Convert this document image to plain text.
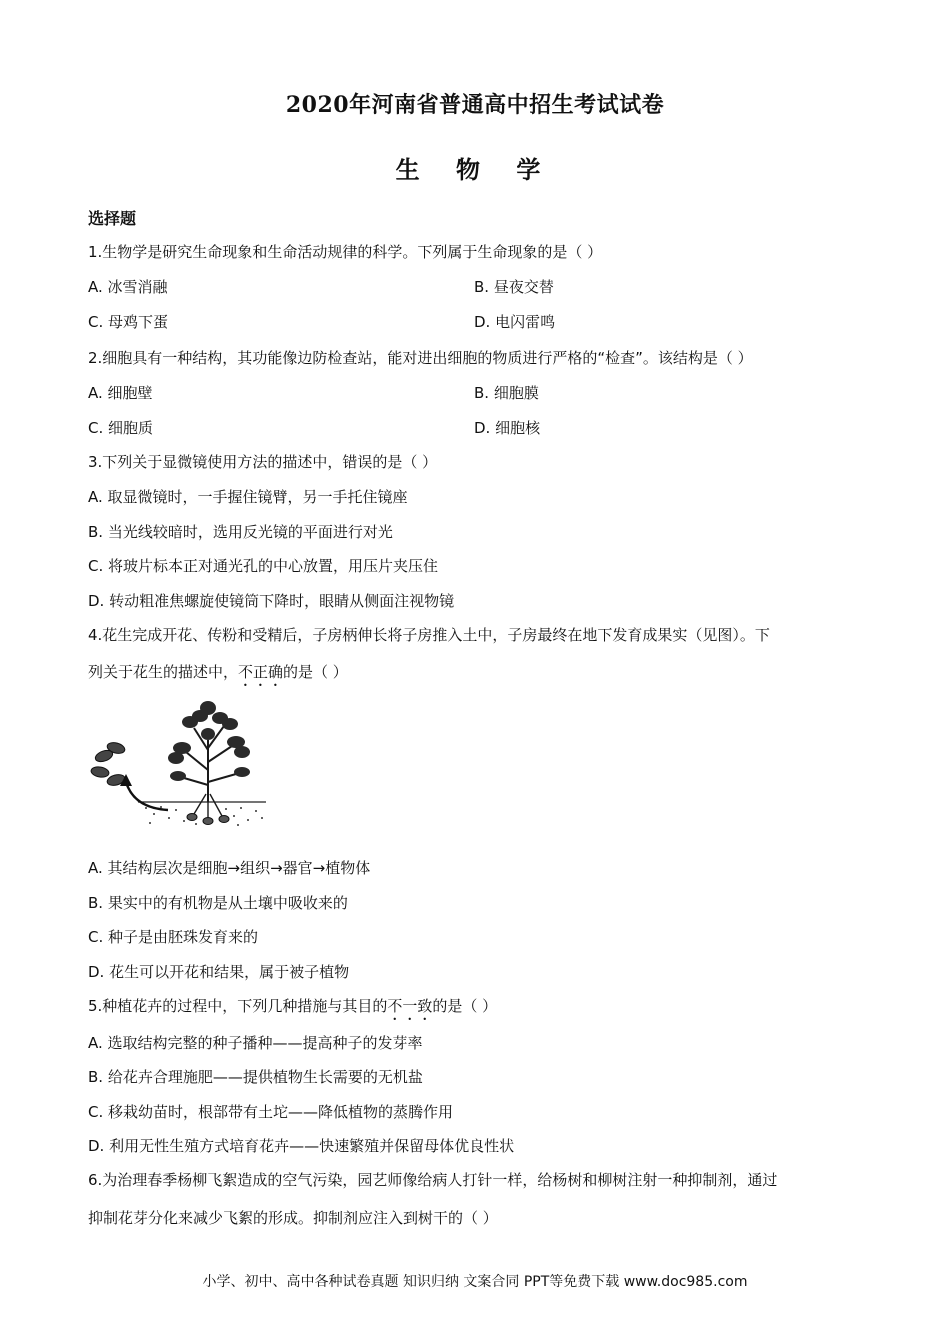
2020年河南省普通高中招生考试试卷
生 物 学
选择题
1.生物学是研究生命现象和生命活动规律的科学。下列属于生命现象的是（ ）
A. 冰雪消融	B. 昼夜交替
C. 母鸡下蛋	D. 电闪雷鸣
2.细胞具有一种结构，其功能像边防检查站，能对进出细胞的物质进行严格的“检查”。该结构是（ ）
A. 细胞壁	B. 细胞膜
C. 细胞质	D. 细胞核
3.下列关于显微镜使用方法的描述中，错误的是（ ）
A. 取显微镜时，一手握住镜臂，另一手托住镜座
B. 当光线较暗时，选用反光镜的平面进行对光
C. 将玻片标本正对通光孔的中心放置，用压片夹压住
D. 转动粗准焦螺旋使镜筒下降时，眼睛从侧面注视物镜
4.花生完成开花、传粉和受精后，子房柄伸长将子房推入土中，子房最终在地下发育成果实（见图）。下
列关于花生的描述中，不正确的是（ ）
A. 其结构层次是细胞→组织→器官→植物体
B. 果实中的有机物是从土壤中吸收来的
C. 种子是由胚珠发育来的
D. 花生可以开花和结果，属于被子植物
5.种植花卉的过程中，下列几种措施与其目的不一致的是（ ）
A. 选取结构完整的种子播种——提高种子的发芽率
B. 给花卉合理施肥——提供植物生长需要的无机盐
C. 移栽幼苗时，根部带有土坨——降低植物的蒸腾作用
D. 利用无性生殖方式培育花卉——快速繁殖并保留母体优良性状
6.为治理春季杨柳飞絮造成的空气污染，园艺师像给病人打针一样，给杨树和柳树注射一种抑制剂，通过
抑制花芽分化来减少飞絮的形成。抑制剂应注入到树干的（ ）
小学、初中、高中各种试卷真题 知识归纳 文案合同 PPT等免费下载 www.doc985.com
